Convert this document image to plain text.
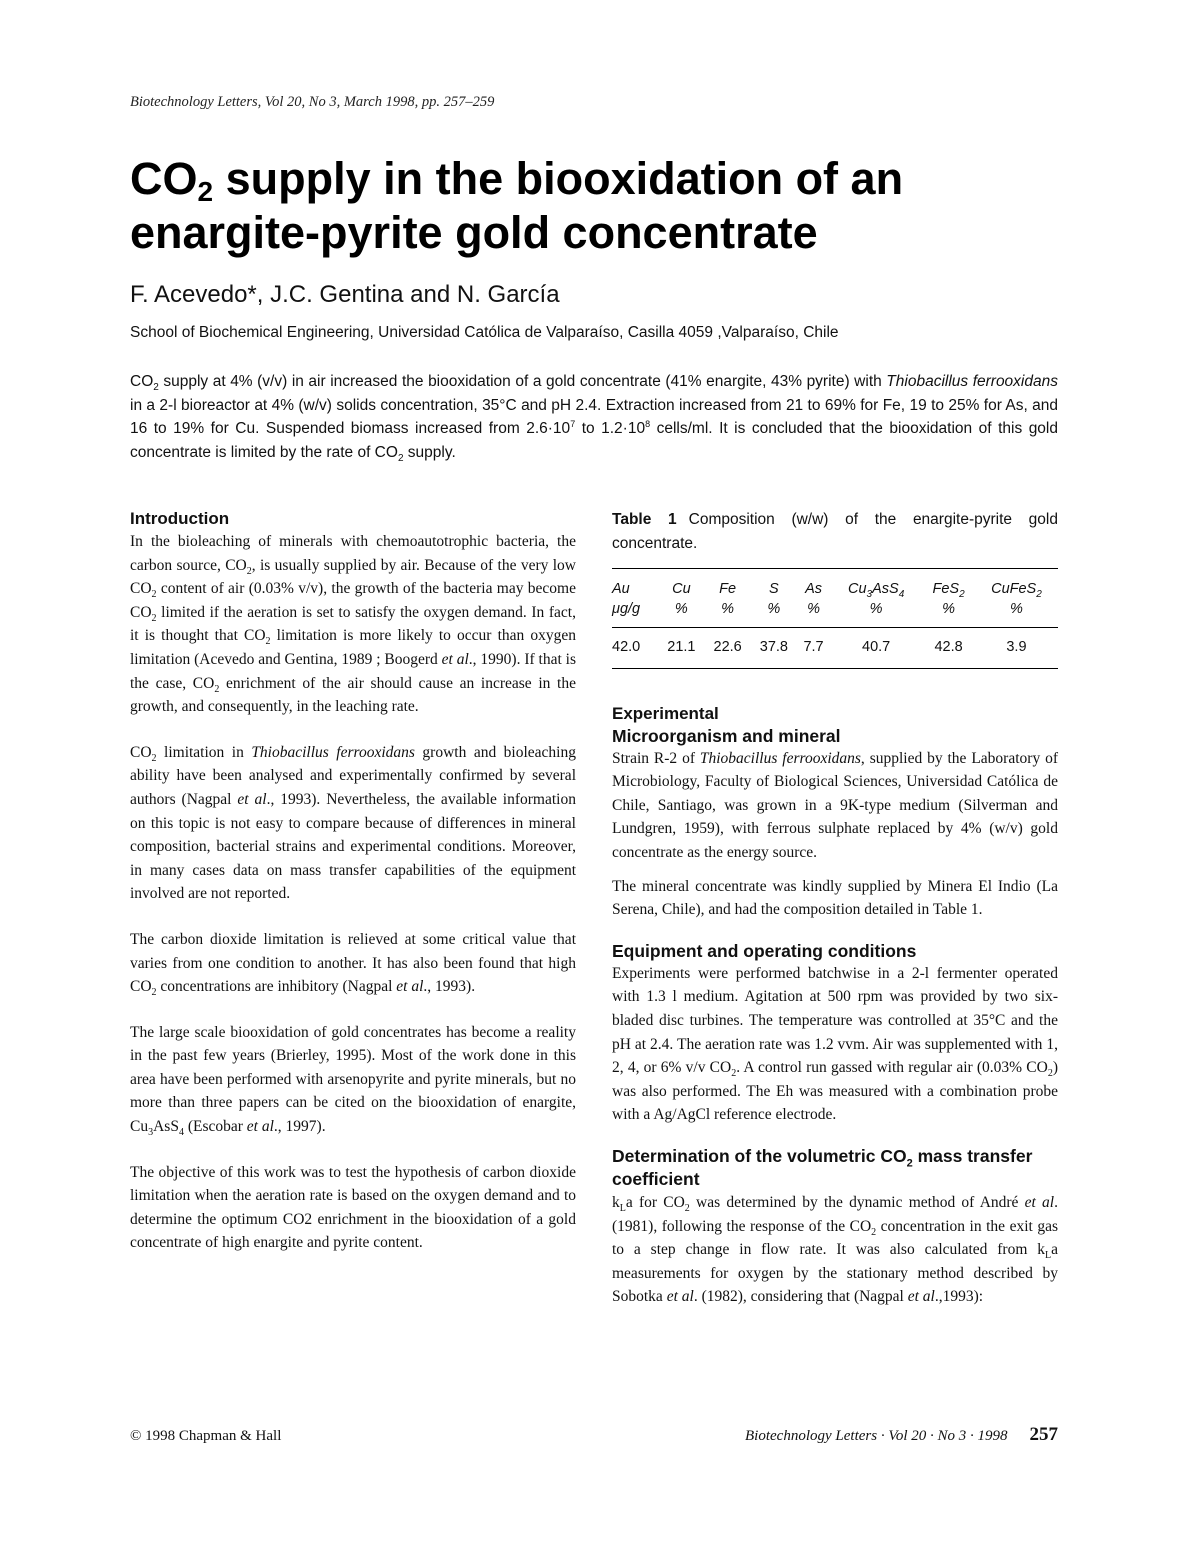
Biotechnology Letters, Vol 20, No 3, March 1998, pp. 257–259
$CO_2$ supply in the biooxidation of an enargite-pyrite gold concentrate
F. Acevedo*, J.C. Gentina and N. García
School of Biochemical Engineering, Universidad Católica de Valparaíso, Casilla 4059 ,Valparaíso, Chile

$CO_2$ supply at 4% (v/v) in air increased the biooxidation of a gold concentrate (41% enargite, 43% pyrite) with Thiobacillus ferrooxidans in a 2-l bioreactor at 4% (w/v) solids concentration, 35°C and pH 2.4. Extraction increased from 21 to 69% for Fe, 19 to 25% for As, and 16 to 19% for Cu. Suspended biomass increased from $2.6\cdot 10^7$ to $1.2\cdot 10^8$ cells/ml. It is concluded that the biooxidation of this gold concentrate is limited by the rate of $CO_2$ supply.

Introduction

In the bioleaching of minerals with chemoautotrophic bacteria, the carbon source, $CO_2$, is usually supplied by air. Because of the very low $CO_2$ content of air (0.03% v/v), the growth of the bacteria may become $CO_2$ limited if the aeration is set to satisfy the oxygen demand. In fact, it is thought that $CO_2$ limitation is more likely to occur than oxygen limitation (Acevedo and Gentina, 1989 ; Boogerd et al., 1990). If that is the case, $CO_2$ enrichment of the air should cause an increase in the growth, and consequently, in the leaching rate.

$CO_2$ limitation in Thiobacillus ferrooxidans growth and bioleaching ability have been analysed and experimentally confirmed by several authors (Nagpal et al., 1993). Nevertheless, the available information on this topic is not easy to compare because of differences in mineral composition, bacterial strains and experimental conditions. Moreover, in many cases data on mass transfer capabilities of the equipment involved are not reported.

The carbon dioxide limitation is relieved at some critical value that varies from one condition to another. It has also been found that high $CO_2$ concentrations are inhibitory (Nagpal et al., 1993).

The large scale biooxidation of gold concentrates has become a reality in the past few years (Brierley, 1995). Most of the work done in this area have been performed with arsenopyrite and pyrite minerals, but no more than three papers can be cited on the biooxidation of enargite, $Cu_3AsS_4$ (Escobar et al., 1997).

The objective of this work was to test the hypothesis of carbon dioxide limitation when the aeration rate is based on the oxygen demand and to determine the optimum CO2 enrichment in the biooxidation of a gold concentrate of high enargite and pyrite content.

Table 1 Composition (w/w) of the enargite-pyrite gold concentrate.

Au	Cu	Fe	S	As	$Cu_3AsS_4$	FeS$_2$	CuFeS$_2$
μg/g	%	%	%	%	%	%	%
42.0	21.1	22.6	37.8	7.7	40.7	42.8	3.9
Experimental
Microorganism and mineral

Strain R-2 of Thiobacillus ferrooxidans, supplied by the Laboratory of Microbiology, Faculty of Biological Sciences, Universidad Católica de Chile, Santiago, was grown in a 9K-type medium (Silverman and Lundgren, 1959), with ferrous sulphate replaced by 4% (w/v) gold concentrate as the energy source.

The mineral concentrate was kindly supplied by Minera El Indio (La Serena, Chile), and had the composition detailed in Table 1.

Equipment and operating conditions

Experiments were performed batchwise in a 2-l fermenter operated with 1.3 l medium. Agitation at 500 rpm was provided by two six-bladed disc turbines. The temperature was controlled at 35°C and the pH at 2.4. The aeration rate was 1.2 vvm. Air was supplemented with 1, 2, 4, or 6% v/v $CO_2$. A control run gassed with regular air (0.03% $CO_2$) was also performed. The Eh was measured with a combination probe with a Ag/AgCl reference electrode.

Determination of the volumetric $CO_2$ mass transfer coefficient

$k_La$ for $CO_2$ was determined by the dynamic method of André et al. (1981), following the response of the $CO_2$ concentration in the exit gas to a step change in flow rate. It was also calculated from $k_La$ measurements for oxygen by the stationary method described by Sobotka et al. (1982), considering that (Nagpal et al.,1993):

© 1998 Chapman & Hall	Biotechnology Letters · Vol 20 · No 3 · 1998 257
